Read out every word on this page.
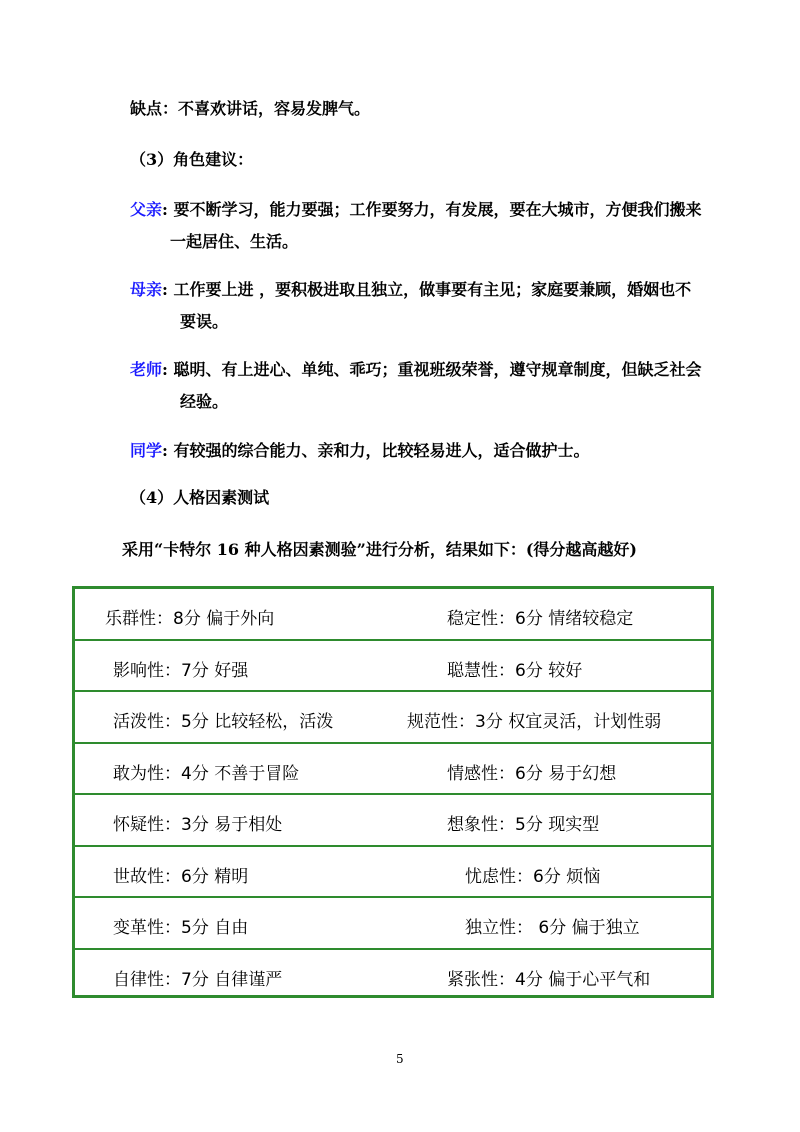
缺点：不喜欢讲话，容易发脾气。
（3）角色建议：
父亲: 要不断学习，能力要强；工作要努力，有发展，要在大城市，方便我们搬来
一起居住、生活。
母亲: 工作要上进 ，要积极进取且独立，做事要有主见；家庭要兼顾，婚姻也不
要误。
老师: 聪明、有上进心、单纯、乖巧；重视班级荣誉，遵守规章制度，但缺乏社会
经验。
同学: 有较强的综合能力、亲和力，比较轻易进人，适合做护士。
（4）人格因素测试
采用“卡特尔 16 种人格因素测验”进行分析，结果如下：(得分越高越好)
乐群性：8分 偏于外向	稳定性：6分 情绪较稳定
影响性：7分 好强	聪慧性：6分 较好
活泼性：5分 比较轻松，活泼	规范性：3分 权宜灵活，计划性弱
敢为性：4分 不善于冒险	情感性：6分 易于幻想
怀疑性：3分 易于相处	想象性：5分 现实型
世故性：6分 精明	忧虑性：6分 烦恼
变革性：5分 自由	独立性： 6分 偏于独立
自律性：7分 自律谨严	紧张性：4分 偏于心平气和
5
